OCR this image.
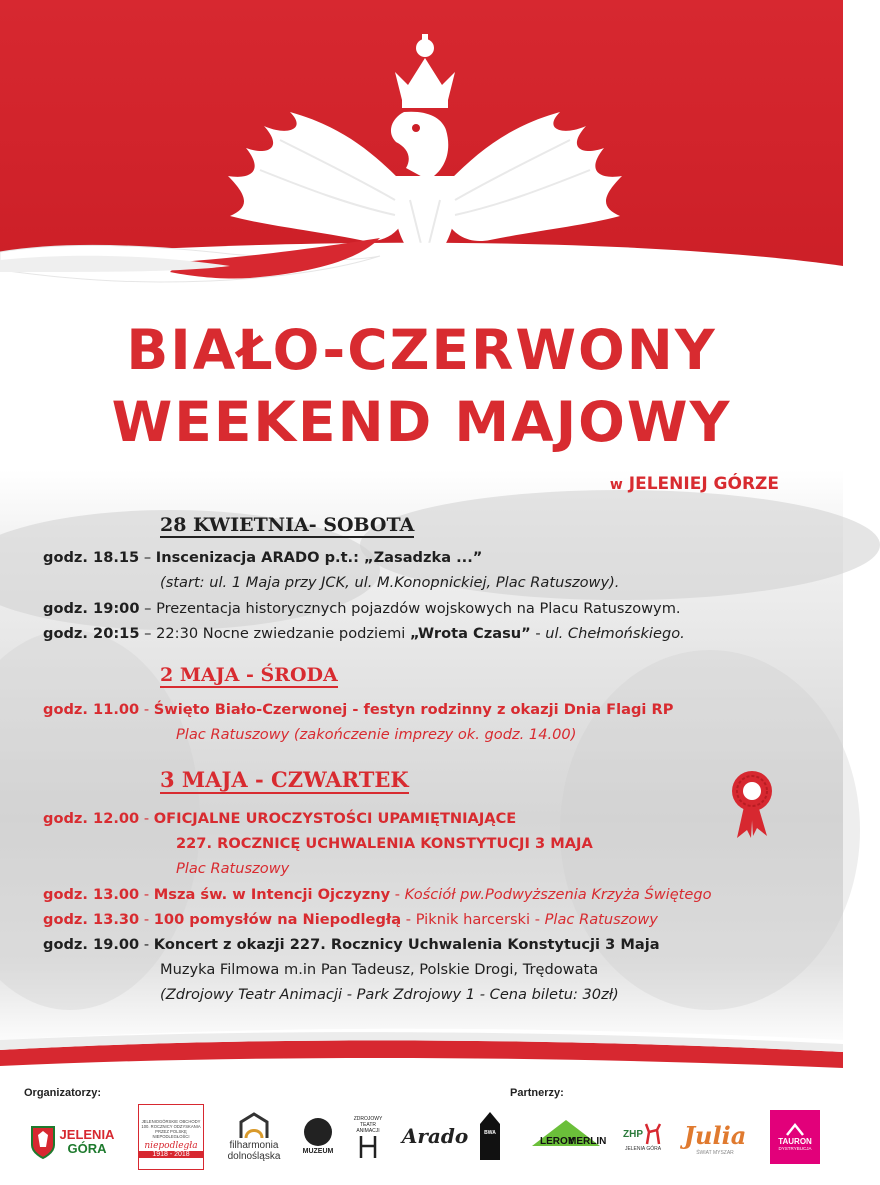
BIAŁO-CZERWONY
WEEKEND MAJOWY
w JELENIEJ GÓRZE
28 KWIETNIA- SOBOTA
godz. 18.15 – Inscenizacja ARADO p.t.: „Zasadzka ...”
(start: ul. 1 Maja przy JCK, ul. M.Konopnickiej, Plac Ratuszowy).
godz. 19:00 – Prezentacja historycznych pojazdów wojskowych na Placu Ratuszowym.
godz. 20:15 – 22:30 Nocne zwiedzanie podziemi „Wrota Czasu” - ul. Chełmońskiego.
2 MAJA - ŚRODA
godz. 11.00 - Święto Biało-Czerwonej - festyn rodzinny z okazji Dnia Flagi RP
Plac Ratuszowy (zakończenie imprezy ok. godz. 14.00)
3 MAJA - CZWARTEK
godz. 12.00 - OFICJALNE UROCZYSTOŚCI UPAMIĘTNIAJĄCE
227. ROCZNICĘ UCHWALENIA KONSTYTUCJI 3 MAJA
Plac Ratuszowy
godz. 13.00 - Msza św. w Intencji Ojczyzny - Kościół pw.Podwyższenia Krzyża Świętego
godz. 13.30 - 100 pomysłów na Niepodległą - Piknik harcerski - Plac Ratuszowy
godz. 19.00 - Koncert z okazji 227. Rocznicy Uchwalenia Konstytucji 3 Maja
Muzyka Filmowa m.in Pan Tadeusz, Polskie Drogi, Trędowata
(Zdrojowy Teatr Animacji - Park Zdrojowy 1 - Cena biletu: 30zł)
Organizatorzy:	Partnerzy:
JELENIA
GÓRA
JELENIOGÓRSKIE OBCHODY 100. ROCZNICY ODZYSKANIA PRZEZ POLSKĘ NIEPODLEGŁOŚCI
niepodległa
1918 - 2018
filharmonia
dolnośląska	MUZEUM
ZDROJOWY TEATR ANIMACJI	Arado	BWA
LEROY
MERLIN
ZHP
JELENIA GÓRA Julia
ŚWIAT MYSZAR
TAURON
DYSTRYBUCJA
